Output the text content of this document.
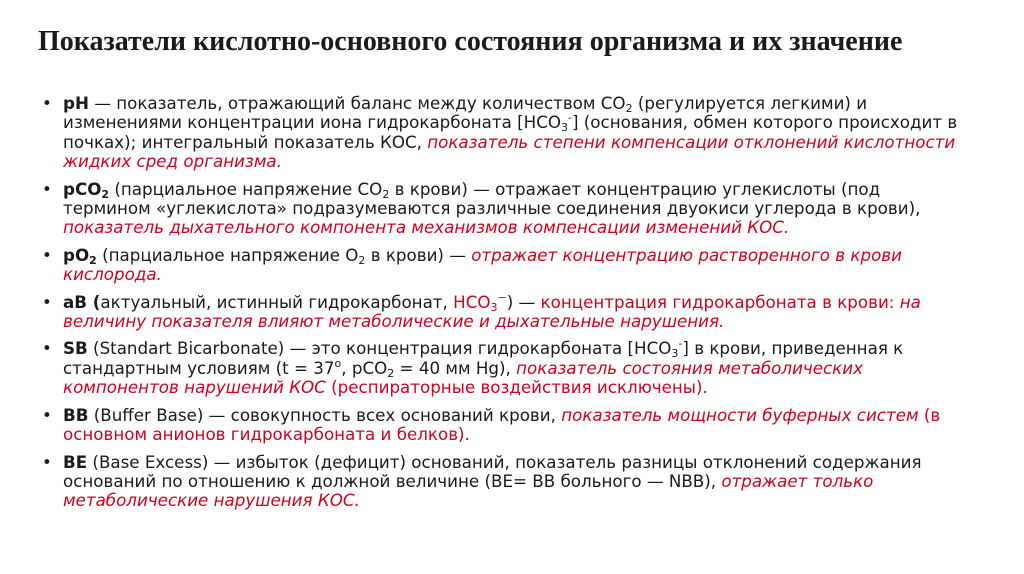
Показатели кислотно-основного состояния организма и их значение
• pH — показатель, отражающий баланс между количеством $CO_2$ (регулируется легкими) и изменениями концентрации иона гидрокарбоната $[HCO_3^-]$ (основания, обмен которого происходит в почках); интегральный показатель КОС, показатель степени компенсации отклонений кислотности жидких сред организма.
• pCO$_2$ (парциальное напряжение $CO_2$ в крови) — отражает концентрацию углекислоты (под термином «углекислота» подразумеваются различные соединения двуокиси углерода в крови), показатель дыхательного компонента механизмов компенсации изменений КОС.
• $pO_2$ (парциальное напряжение $O_2$ в крови) — отражает концентрацию растворенного в крови кислорода.
• aB (актуальный, истинный гидрокарбонат, $HCO_3^-$) — концентрация гидрокарбоната в крови: на величину показателя влияют метаболические и дыхательные нарушения.
• SB (Standart Bicarbonate) — это концентрация гидрокарбоната $[HCO_3^-]$ в крови, приведенная к стандартным условиям ($t = 37^o$, pCO$_2$ = 40 мм Hg), показатель состояния метаболических компонентов нарушений КОС (респираторные воздействия исключены).
• BB (Buffer Base) — совокупность всех оснований крови, показатель мощности буферных систем (в основном анионов гидрокарбоната и белков).
• BE (Base Excess) — избыток (дефицит) оснований, показатель разницы отклонений содержания оснований по отношению к должной величине (BE= BB больного — NBB), отражает только метаболические нарушения КОС.
